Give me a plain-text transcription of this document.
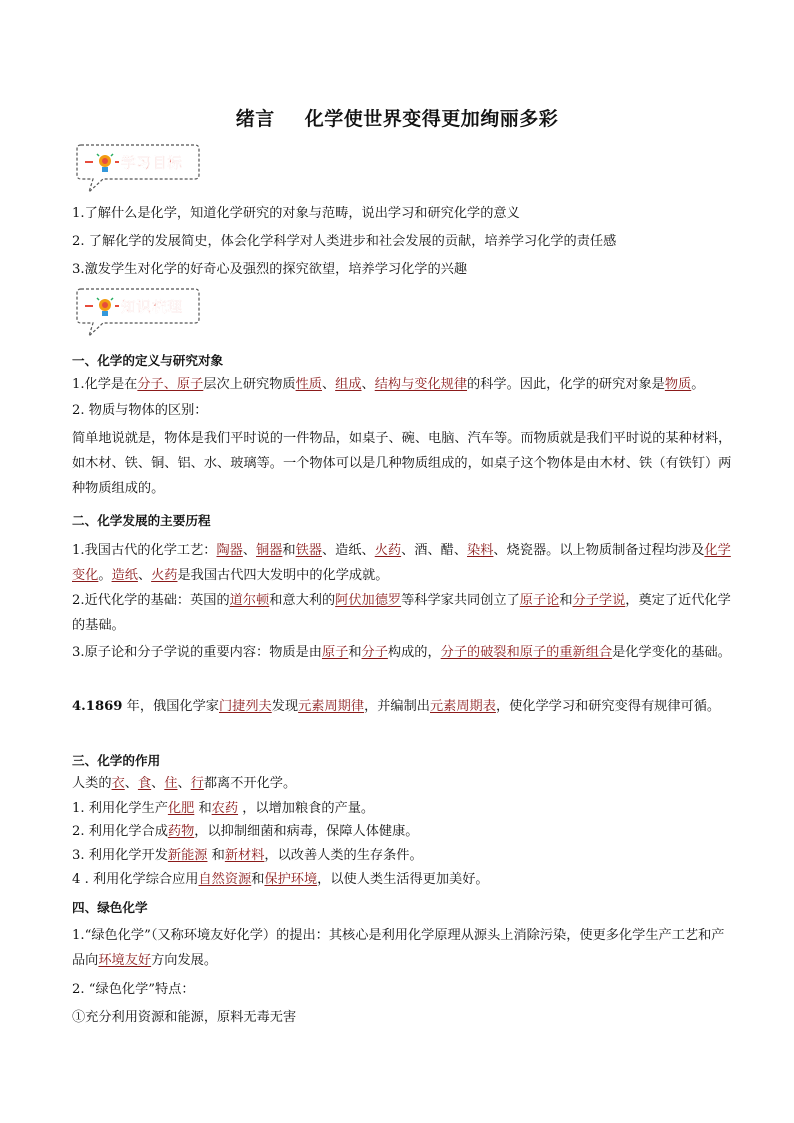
绪言 化学使世界变得更加绚丽多彩
学习目标
1.了解什么是化学，知道化学研究的对象与范畴，说出学习和研究化学的意义
2. 了解化学的发展简史，体会化学科学对人类进步和社会发展的贡献，培养学习化学的责任感
3.激发学生对化学的好奇心及强烈的探究欲望，培养学习化学的兴趣
知识梳理
一、化学的定义与研究对象
1.化学是在分子、原子层次上研究物质性质、组成、结构与变化规律的科学。因此，化学的研究对象是物质。
2. 物质与物体的区别：
简单地说就是，物体是我们平时说的一件物品，如桌子、碗、电脑、汽车等。而物质就是我们平时说的某种材料，如木材、铁、铜、铝、水、玻璃等。一个物体可以是几种物质组成的，如桌子这个物体是由木材、铁（有铁钉）两种物质组成的。
二、化学发展的主要历程
1.我国古代的化学工艺：陶器、铜器和铁器、造纸、火药、酒、醋、染料、烧瓷器。以上物质制备过程均涉及化学变化。造纸、火药是我国古代四大发明中的化学成就。
2.近代化学的基础：英国的道尔顿和意大利的阿伏加德罗等科学家共同创立了原子论和分子学说，奠定了近代化学的基础。
3.原子论和分子学说的重要内容：物质是由原子和分子构成的，分子的破裂和原子的重新组合是化学变化的基础。
4.1869 年，俄国化学家门捷列夫发现元素周期律，并编制出元素周期表，使化学学习和研究变得有规律可循。
三、化学的作用
人类的衣、食、住、行都离不开化学。
1. 利用化学生产化肥 和农药 ，以增加粮食的产量。
2. 利用化学合成药物，以抑制细菌和病毒，保障人体健康。
3. 利用化学开发新能源 和新材料，以改善人类的生存条件。
4 . 利用化学综合应用自然资源和保护环境，以使人类生活得更加美好。
四、绿色化学
1.“绿色化学”（又称环境友好化学）的提出：其核心是利用化学原理从源头上消除污染，使更多化学生产工艺和产品向环境友好方向发展。
2. “绿色化学”特点：
①充分利用资源和能源，原料无毒无害
